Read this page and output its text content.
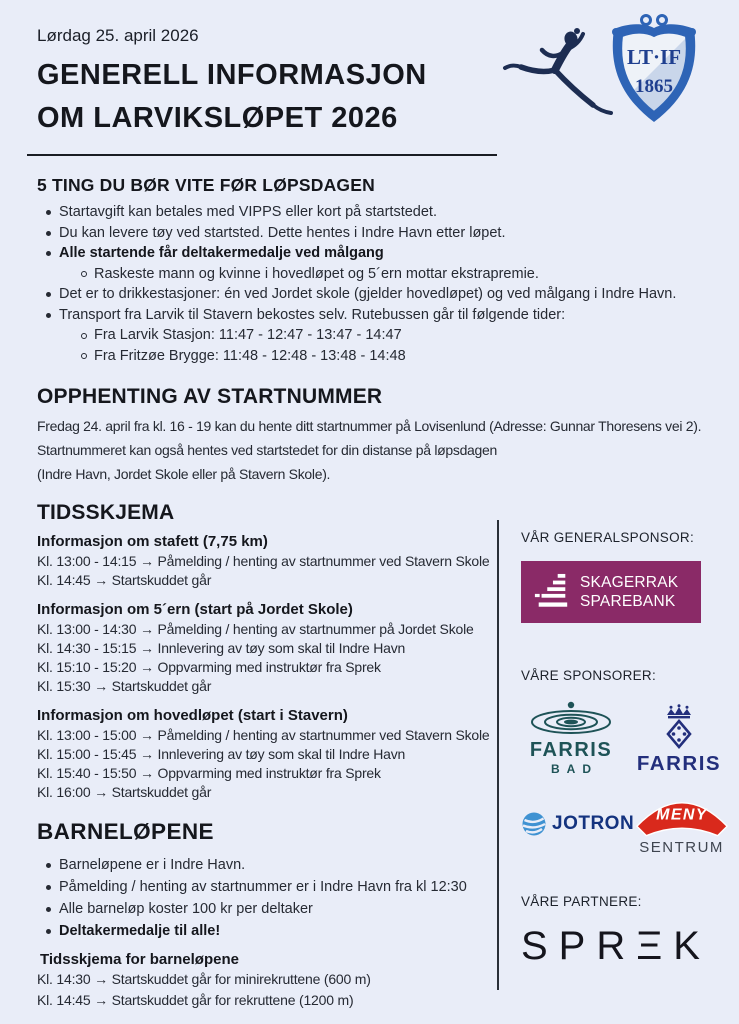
LT·IF
1865
Lørdag 25. april 2026
GENERELL INFORMASJON
OM LARVIKSLØPET 2026
5 TING DU BØR VITE FØR LØPSDAGEN
Startavgift kan betales med VIPPS eller kort på startstedet.
Du kan levere tøy ved startsted. Dette hentes i Indre Havn etter løpet.
Alle startende får deltakermedalje ved målgang
Raskeste mann og kvinne i hovedløpet og 5´ern mottar ekstrapremie.
Det er to drikkestasjoner: én ved Jordet skole (gjelder hovedløpet) og ved målgang i Indre Havn.
Transport fra Larvik til Stavern bekostes selv. Rutebussen går til følgende tider:
Fra Larvik Stasjon: 11:47 - 12:47 - 13:47 - 14:47
Fra Fritzøe Brygge: 11:48 - 12:48 - 13:48 - 14:48
OPPHENTING AV STARTNUMMER
Fredag 24. april fra kl. 16 - 19 kan du hente ditt startnummer på Lovisenlund (Adresse: Gunnar Thoresens vei 2).
Startnummeret kan også hentes ved startstedet for din distanse på løpsdagen
(Indre Havn, Jordet Skole eller på Stavern Skole).
TIDSSKJEMA
Informasjon om stafett (7,75 km)
Kl. 13:00 - 14:15 → Påmelding / henting av startnummer ved Stavern Skole
Kl. 14:45 → Startskuddet går
Informasjon om 5´ern (start på Jordet Skole)
Kl. 13:00 - 14:30 → Påmelding / henting av startnummer på Jordet Skole
Kl. 14:30 - 15:15 → Innlevering av tøy som skal til Indre Havn
Kl. 15:10 - 15:20 → Oppvarming med instruktør fra Sprek
Kl. 15:30 → Startskuddet går
Informasjon om hovedløpet (start i Stavern)
Kl. 13:00 - 15:00 → Påmelding / henting av startnummer ved Stavern Skole
Kl. 15:00 - 15:45 → Innlevering av tøy som skal til Indre Havn
Kl. 15:40 - 15:50 → Oppvarming med instruktør fra Sprek
Kl. 16:00 → Startskuddet går
BARNELØPENE
Barneløpene er i Indre Havn.
Påmelding / henting av startnummer er i Indre Havn fra kl 12:30
Alle barneløp koster 100 kr per deltaker
Deltakermedalje til alle!
Tidsskjema for barneløpene
Kl. 14:30 → Startskuddet går for minirekruttene (600 m)
Kl. 14:45 → Startskuddet går for rekruttene (1200 m)
VÅR GENERALSPONSOR:
SKAGERRAK
SPAREBANK
VÅRE SPONSORER:
FARRIS
BAD FARRIS
JOTRON MENY
SENTRUM
VÅRE PARTNERE:
SPRΞK
